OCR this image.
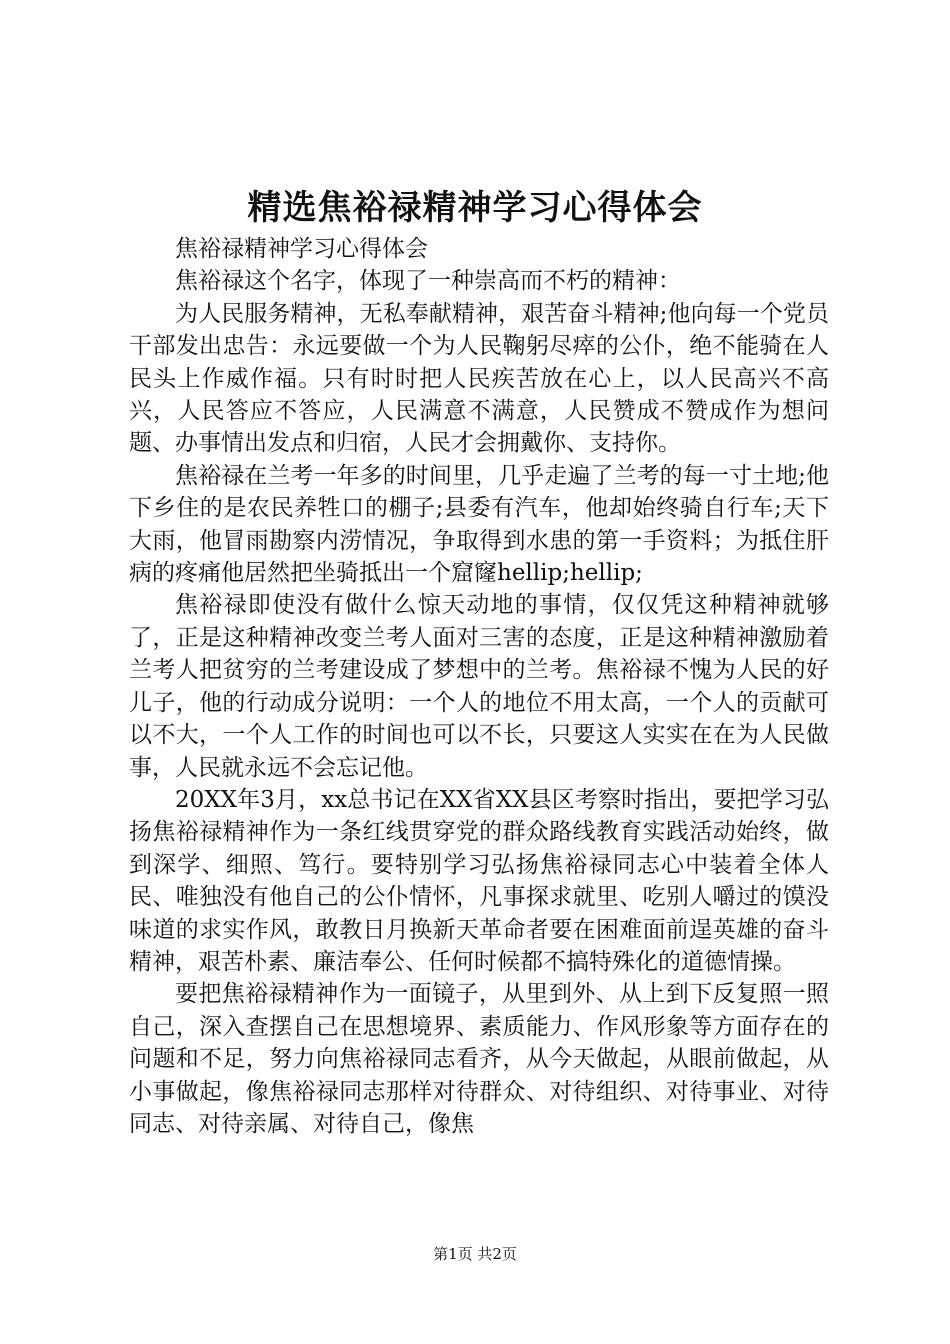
精选焦裕禄精神学习心得体会

焦裕禄精神学习心得体会

焦裕禄这个名字，体现了一种崇高而不朽的精神：

为人民服务精神，无私奉献精神，艰苦奋斗精神;他向每一个党员干部发出忠告：永远要做一个为人民鞠躬尽瘁的公仆，绝不能骑在人民头上作威作福。只有时时把人民疾苦放在心上，以人民高兴不高兴，人民答应不答应，人民满意不满意，人民赞成不赞成作为想问题、办事情出发点和归宿，人民才会拥戴你、支持你。

焦裕禄在兰考一年多的时间里，几乎走遍了兰考的每一寸土地;他下乡住的是农民养牲口的棚子;县委有汽车，他却始终骑自行车;天下大雨，他冒雨勘察内涝情况，争取得到水患的第一手资料；为抵住肝病的疼痛他居然把坐骑抵出一个窟窿hellip;hellip;

焦裕禄即使没有做什么惊天动地的事情，仅仅凭这种精神就够了，正是这种精神改变兰考人面对三害的态度，正是这种精神激励着兰考人把贫穷的兰考建设成了梦想中的兰考。焦裕禄不愧为人民的好儿子，他的行动成分说明：一个人的地位不用太高，一个人的贡献可以不大，一个人工作的时间也可以不长，只要这人实实在在为人民做事，人民就永远不会忘记他。

20XX年3月，xx总书记在XX省XX县区考察时指出，要把学习弘扬焦裕禄精神作为一条红线贯穿党的群众路线教育实践活动始终，做到深学、细照、笃行。要特别学习弘扬焦裕禄同志心中装着全体人民、唯独没有他自己的公仆情怀，凡事探求就里、吃别人嚼过的馍没味道的求实作风，敢教日月换新天革命者要在困难面前逞英雄的奋斗精神，艰苦朴素、廉洁奉公、任何时候都不搞特殊化的道德情操。

要把焦裕禄精神作为一面镜子，从里到外、从上到下反复照一照自己，深入查摆自己在思想境界、素质能力、作风形象等方面存在的问题和不足，努力向焦裕禄同志看齐，从今天做起，从眼前做起，从小事做起，像焦裕禄同志那样对待群众、对待组织、对待事业、对待同志、对待亲属、对待自己，像焦

第1页 共2页
